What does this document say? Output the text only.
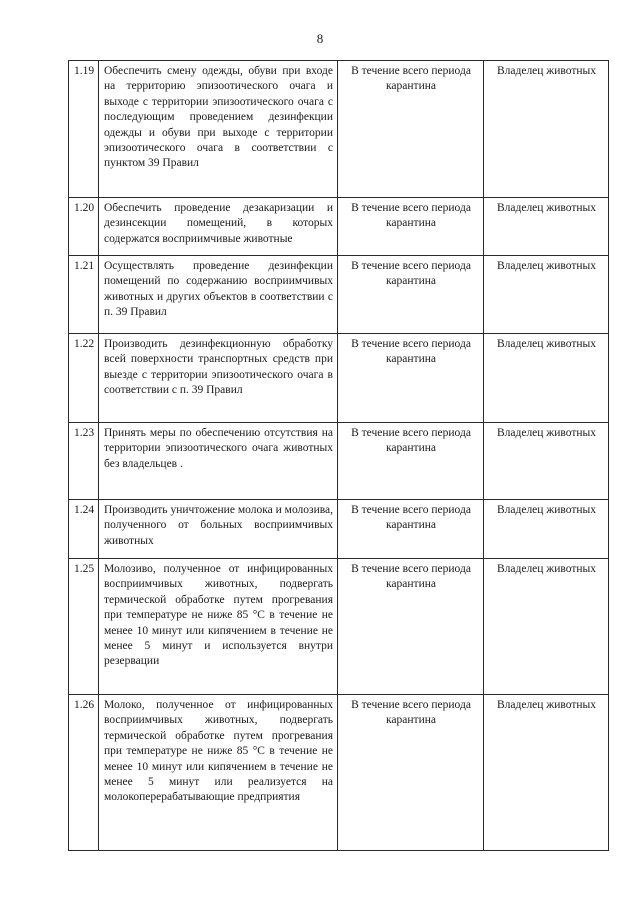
8
1.19	Обеспечить смену одежды, обуви при входе на территорию эпизоотического очага и выходе с территории эпизоотического очага с последующим проведением дезинфекции одежды и обуви при выходе с территории эпизоотического очага в соответствии с пунктом 39 Правил	В течение всего периода карантина	Владелец животных
1.20	Обеспечить проведение дезакаризации и дезинсекции помещений, в которых содержатся восприимчивые животные	В течение всего периода карантина	Владелец животных
1.21	Осуществлять проведение дезинфекции помещений по содержанию восприимчивых животных и других объектов в соответствии с п. 39 Правил	В течение всего периода карантина	Владелец животных
1.22	Производить дезинфекционную обработку всей поверхности транспортных средств при выезде с территории эпизоотического очага в соответствии с п. 39 Правил	В течение всего периода карантина	Владелец животных
1.23	Принять меры по обеспечению отсутствия на территории эпизоотического очага животных без владельцев .	В течение всего периода карантина	Владелец животных
1.24	Производить уничтожение молока и молозива, полученного от больных восприимчивых животных	В течение всего периода карантина	Владелец животных
1.25	Молозиво, полученное от инфицированных восприимчивых животных, подвергать термической обработке путем прогревания при температуре не ниже 85 °С в течение не менее 10 минут или кипячением в течение не менее 5 минут и используется внутри резервации	В течение всего периода карантина	Владелец животных
1.26	Молоко, полученное от инфицированных восприимчивых животных, подвергать термической обработке путем прогревания при температуре не ниже 85 °С в течение не менее 10 минут или кипячением в течение не менее 5 минут или реализуется на молокоперерабатывающие предприятия	В течение всего периода карантина	Владелец животных
